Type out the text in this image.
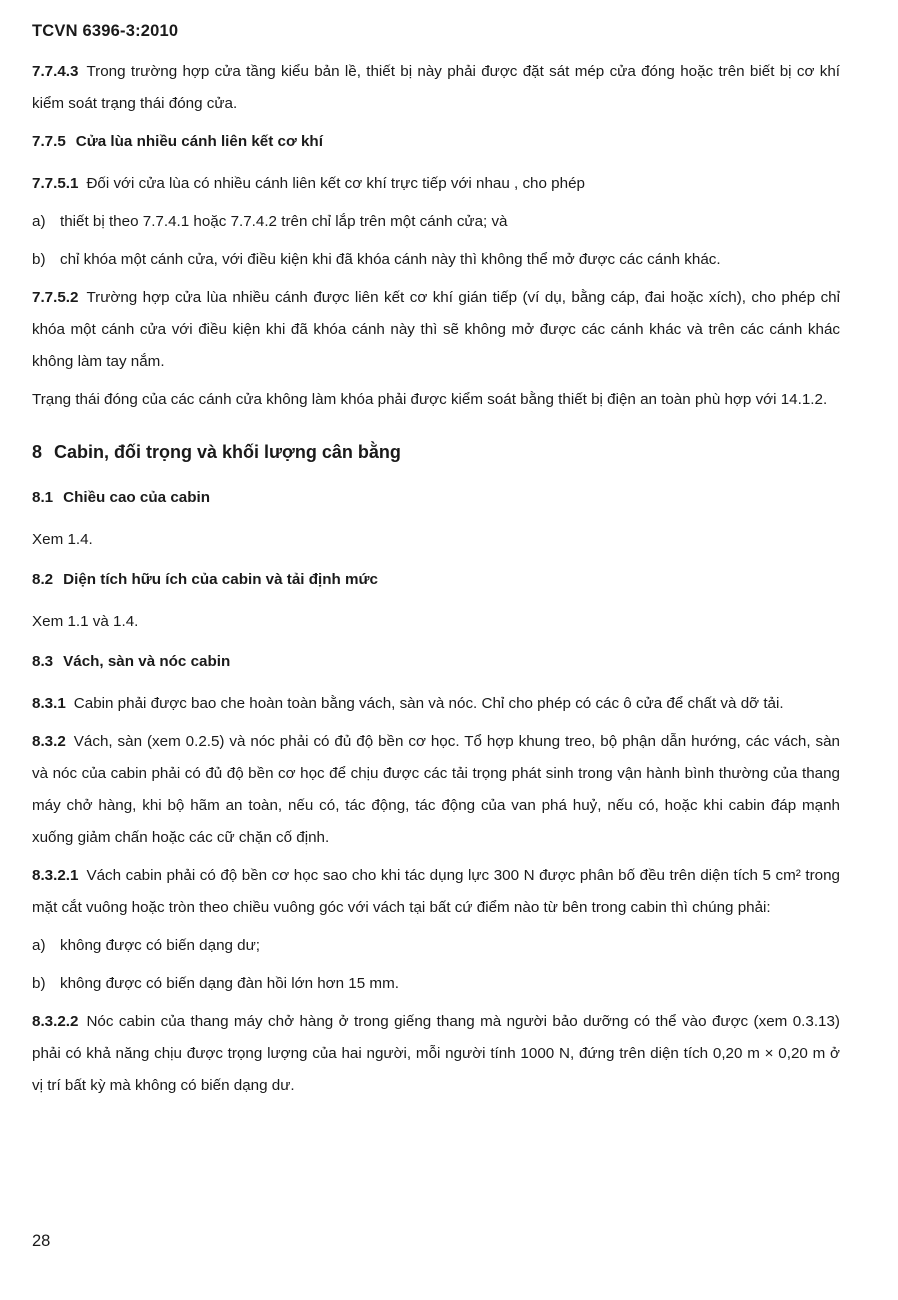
TCVN 6396-3:2010

7.7.4.3 Trong trường hợp cửa tầng kiểu bản lề, thiết bị này phải được đặt sát mép cửa đóng hoặc trên biết bị cơ khí kiểm soát trạng thái đóng cửa.

7.7.5 Cửa lùa nhiều cánh liên kết cơ khí

7.7.5.1 Đối với cửa lùa có nhiều cánh liên kết cơ khí trực tiếp với nhau , cho phép

a) thiết bị theo 7.7.4.1 hoặc 7.7.4.2 trên chỉ lắp trên một cánh cửa; và
b) chỉ khóa một cánh cửa, với điều kiện khi đã khóa cánh này thì không thể mở được các cánh khác.

7.7.5.2 Trường hợp cửa lùa nhiều cánh được liên kết cơ khí gián tiếp (ví dụ, bằng cáp, đai hoặc xích), cho phép chỉ khóa một cánh cửa với điều kiện khi đã khóa cánh này thì sẽ không mở được các cánh khác và trên các cánh khác không làm tay nắm.

Trạng thái đóng của các cánh cửa không làm khóa phải được kiểm soát bằng thiết bị điện an toàn phù hợp với 14.1.2.

8 Cabin, đối trọng và khối lượng cân bằng
8.1 Chiều cao của cabin
Xem 1.4.
8.2 Diện tích hữu ích của cabin và tải định mức
Xem 1.1 và 1.4.
8.3 Vách, sàn và nóc cabin

8.3.1 Cabin phải được bao che hoàn toàn bằng vách, sàn và nóc. Chỉ cho phép có các ô cửa để chất và dỡ tải.

8.3.2 Vách, sàn (xem 0.2.5) và nóc phải có đủ độ bền cơ học. Tổ hợp khung treo, bộ phận dẫn hướng, các vách, sàn và nóc của cabin phải có đủ độ bền cơ học để chịu được các tải trọng phát sinh trong vận hành bình thường của thang máy chở hàng, khi bộ hãm an toàn, nếu có, tác động, tác động của van phá huỷ, nếu có, hoặc khi cabin đáp mạnh xuống giảm chấn hoặc các cữ chặn cố định.

8.3.2.1 Vách cabin phải có độ bền cơ học sao cho khi tác dụng lực 300 N được phân bố đều trên diện tích 5 cm² trong mặt cắt vuông hoặc tròn theo chiều vuông góc với vách tại bất cứ điểm nào từ bên trong cabin thì chúng phải:

a) không được có biến dạng dư;
b) không được có biến dạng đàn hồi lớn hơn 15 mm.

8.3.2.2 Nóc cabin của thang máy chở hàng ở trong giếng thang mà người bảo dưỡng có thể vào được (xem 0.3.13) phải có khả năng chịu được trọng lượng của hai người, mỗi người tính 1000 N, đứng trên diện tích 0,20 m × 0,20 m ở vị trí bất kỳ mà không có biến dạng dư.

28
